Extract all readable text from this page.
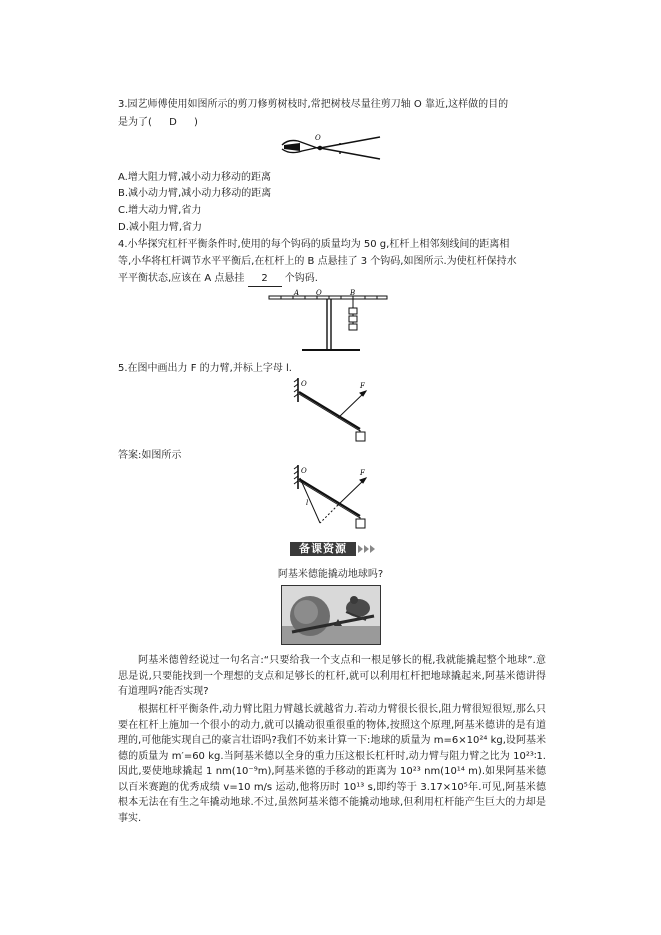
3.园艺师傅使用如图所示的剪刀修剪树枝时,常把树枝尽量往剪刀轴 O 靠近,这样做的目的
是为了( D )
O
A.增大阻力臂,减小动力移动的距离
B.减小动力臂,减小动力移动的距离
C.增大动力臂,省力
D.减小阻力臂,省力
4.小华探究杠杆平衡条件时,使用的每个钩码的质量均为 50 g,杠杆上相邻刻线间的距离相
等,小华将杠杆调节水平平衡后,在杠杆上的 B 点悬挂了 3 个钩码,如图所示.为使杠杆保持水
平平衡状态,应该在 A 点悬挂 2 个钩码.
A O	B
5.在图中画出力 F 的力臂,并标上字母 l.
O	F
答案:如图所示
O	F
l
备课资源
阿基米德能撬动地球吗?
阿基米德曾经说过一句名言:“只要给我一个支点和一根足够长的棍,我就能撬起整个地球”.意思是说,只要能找到一个理想的支点和足够长的杠杆,就可以利用杠杆把地球撬起来,阿基米德讲得有道理吗?能否实现?
根据杠杆平衡条件,动力臂比阻力臂越长就越省力.若动力臂很长很长,阻力臂很短很短,那么只要在杠杆上施加一个很小的动力,就可以撬动很重很重的物体,按照这个原理,阿基米德讲的是有道理的,可他能实现自己的豪言壮语吗?我们不妨来计算一下:地球的质量为 m=6×10²⁴ kg,设阿基米德的质量为 m′=60 kg.当阿基米德以全身的重力压这根长杠杆时,动力臂与阻力臂之比为 10²³∶1.因此,要使地球撬起 1 nm(10⁻⁹m),阿基米德的手移动的距离为 10²³ nm(10¹⁴ m).如果阿基米德以百米赛跑的优秀成绩 v=10 m/s 运动,他将历时 10¹³ s,即约等于 3.17×10⁵年.可见,阿基米德根本无法在有生之年撬动地球.不过,虽然阿基米德不能撬动地球,但利用杠杆能产生巨大的力却是事实.
